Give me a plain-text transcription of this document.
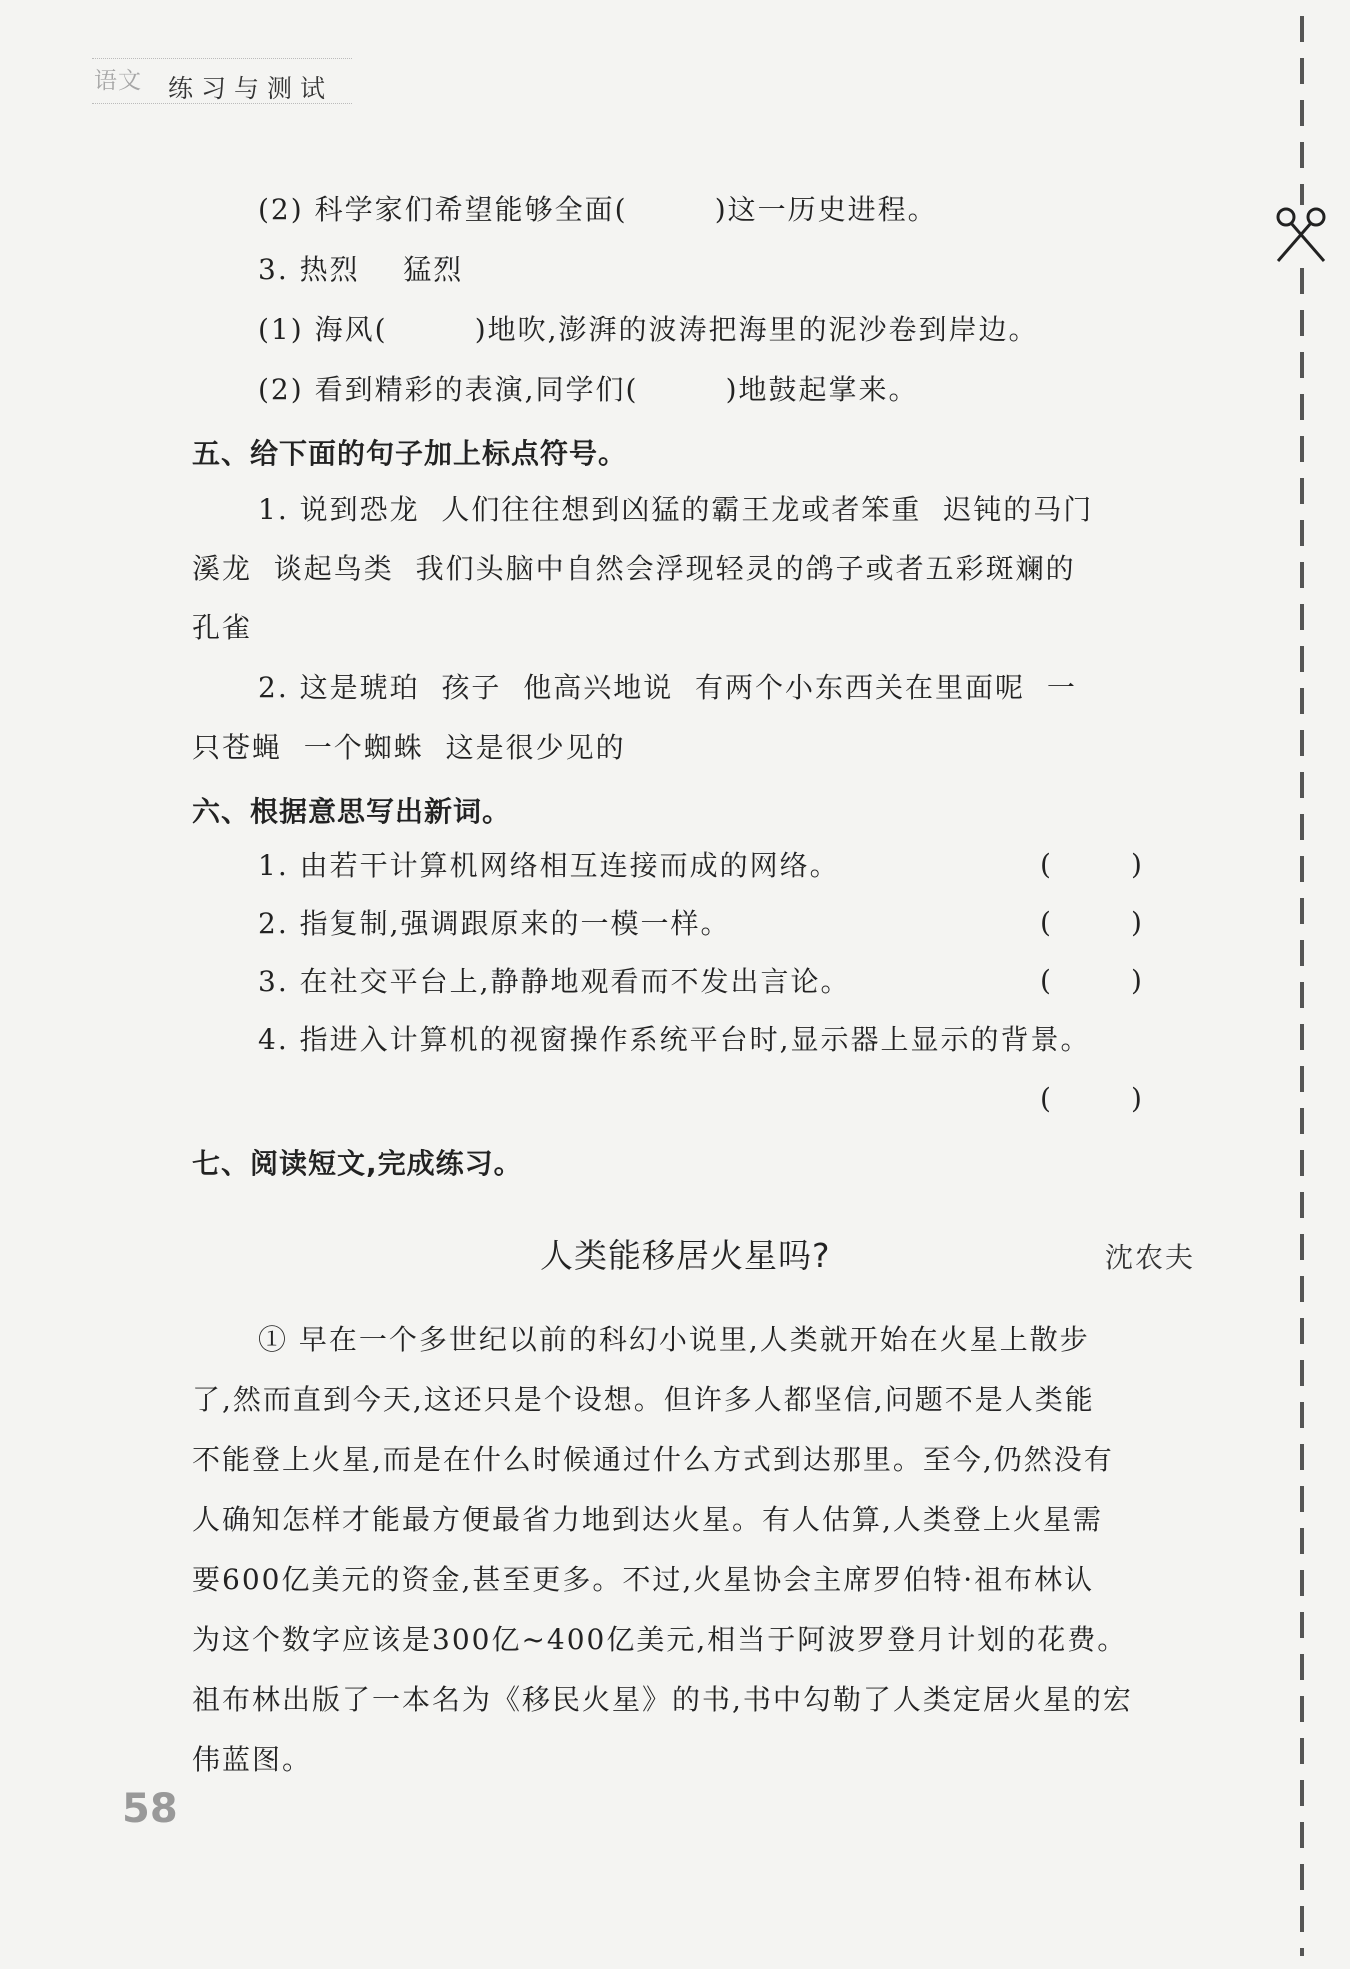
语文 练习与测试
(2) 科学家们希望能够全面(        )这一历史进程。
3. 热烈    猛烈
(1) 海风(        )地吹,澎湃的波涛把海里的泥沙卷到岸边。
(2) 看到精彩的表演,同学们(        )地鼓起掌来。
五、给下面的句子加上标点符号。
1. 说到恐龙  人们往往想到凶猛的霸王龙或者笨重  迟钝的马门
溪龙  谈起鸟类  我们头脑中自然会浮现轻灵的鸽子或者五彩斑斓的
孔雀
2. 这是琥珀  孩子  他高兴地说  有两个小东西关在里面呢  一
只苍蝇  一个蜘蛛  这是很少见的
六、根据意思写出新词。
1. 由若干计算机网络相互连接而成的网络。	(         )
2. 指复制,强调跟原来的一模一样。	(         )
3. 在社交平台上,静静地观看而不发出言论。	(         )
4. 指进入计算机的视窗操作系统平台时,显示器上显示的背景。
(         )
七、阅读短文,完成练习。
人类能移居火星吗?	沈农夫
① 早在一个多世纪以前的科幻小说里,人类就开始在火星上散步
了,然而直到今天,这还只是个设想。但许多人都坚信,问题不是人类能
不能登上火星,而是在什么时候通过什么方式到达那里。至今,仍然没有
人确知怎样才能最方便最省力地到达火星。有人估算,人类登上火星需
要600亿美元的资金,甚至更多。不过,火星协会主席罗伯特·祖布林认
为这个数字应该是300亿~400亿美元,相当于阿波罗登月计划的花费。
祖布林出版了一本名为《移民火星》的书,书中勾勒了人类定居火星的宏
伟蓝图。
58
